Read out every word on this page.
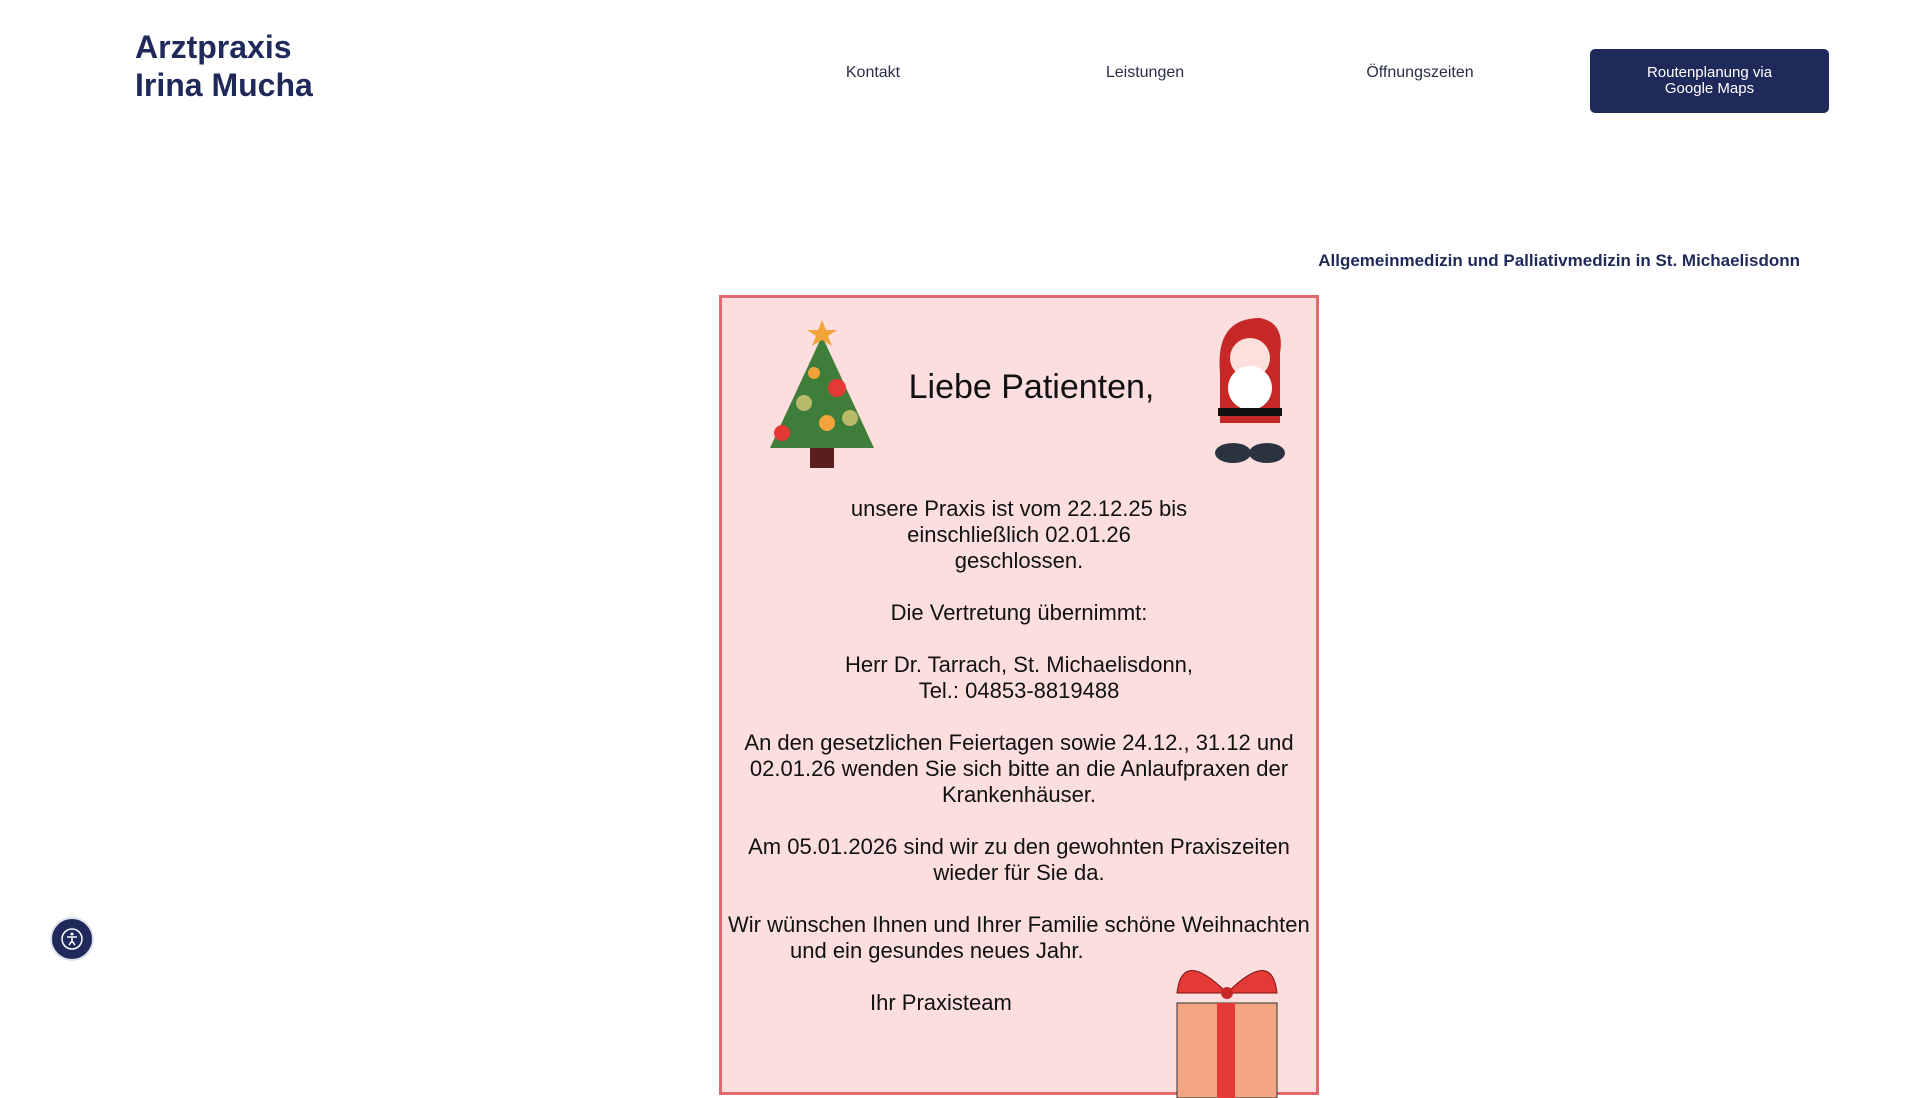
Arztpraxis
Irina Mucha	Kontakt	Leistungen	Öffnungszeiten	Routenplanung via Google Maps
Allgemeinmedizin und Palliativmedizin in St. Michaelisdonn
Liebe Patienten,

unsere Praxis ist vom 22.12.25 bis
einschließlich 02.01.26
geschlossen.

Die Vertretung übernimmt:

Herr Dr. Tarrach, St. Michaelisdonn,
Tel.: 04853-8819488

An den gesetzlichen Feiertagen sowie 24.12., 31.12 und
02.01.26 wenden Sie sich bitte an die Anlaufpraxen der
Krankenhäuser.

Am 05.01.2026 sind wir zu den gewohnten Praxiszeiten
wieder für Sie da.

Wir wünschen Ihnen und Ihrer Familie schöne Weihnachten
und ein gesundes neues Jahr.

Ihr Praxisteam
